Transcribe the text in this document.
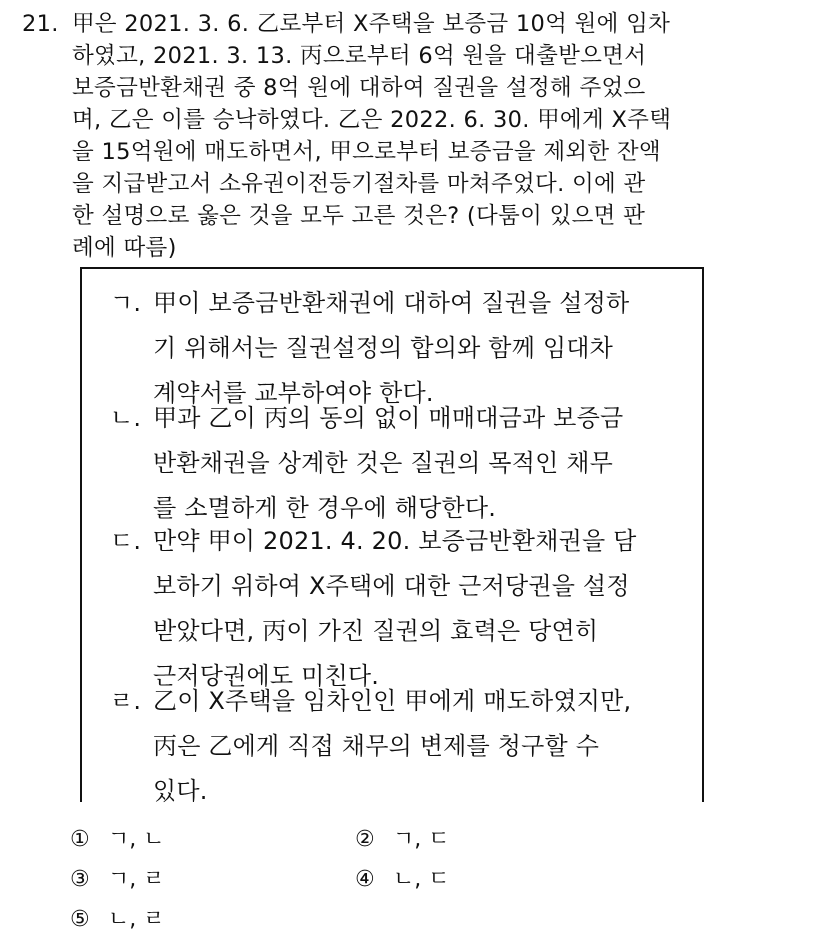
21. 甲은 2021. 3. 6. 乙로부터 X주택을 보증금 10억 원에 임차
하였고, 2021. 3. 13. 丙으로부터 6억 원을 대출받으면서
보증금반환채권 중 8억 원에 대하여 질권을 설정해 주었으
며, 乙은 이를 승낙하였다. 乙은 2022. 6. 30. 甲에게 X주택
을 15억원에 매도하면서, 甲으로부터 보증금을 제외한 잔액
을 지급받고서 소유권이전등기절차를 마쳐주었다. 이에 관
한 설명으로 옳은 것을 모두 고른 것은? (다툼이 있으면 판
례에 따름)
ㄱ. 甲이 보증금반환채권에 대하여 질권을 설정하
기 위해서는 질권설정의 합의와 함께 임대차
계약서를 교부하여야 한다.
ㄴ. 甲과 乙이 丙의 동의 없이 매매대금과 보증금
반환채권을 상계한 것은 질권의 목적인 채무
를 소멸하게 한 경우에 해당한다.
ㄷ. 만약 甲이 2021. 4. 20. 보증금반환채권을 담
보하기 위하여 X주택에 대한 근저당권을 설정
받았다면, 丙이 가진 질권의 효력은 당연히
근저당권에도 미친다.
ㄹ. 乙이 X주택을 임차인인 甲에게 매도하였지만,
丙은 乙에게 직접 채무의 변제를 청구할 수
있다.
① ㄱ, ㄴ	② ㄱ, ㄷ
③ ㄱ, ㄹ	④ ㄴ, ㄷ
⑤ ㄴ, ㄹ
